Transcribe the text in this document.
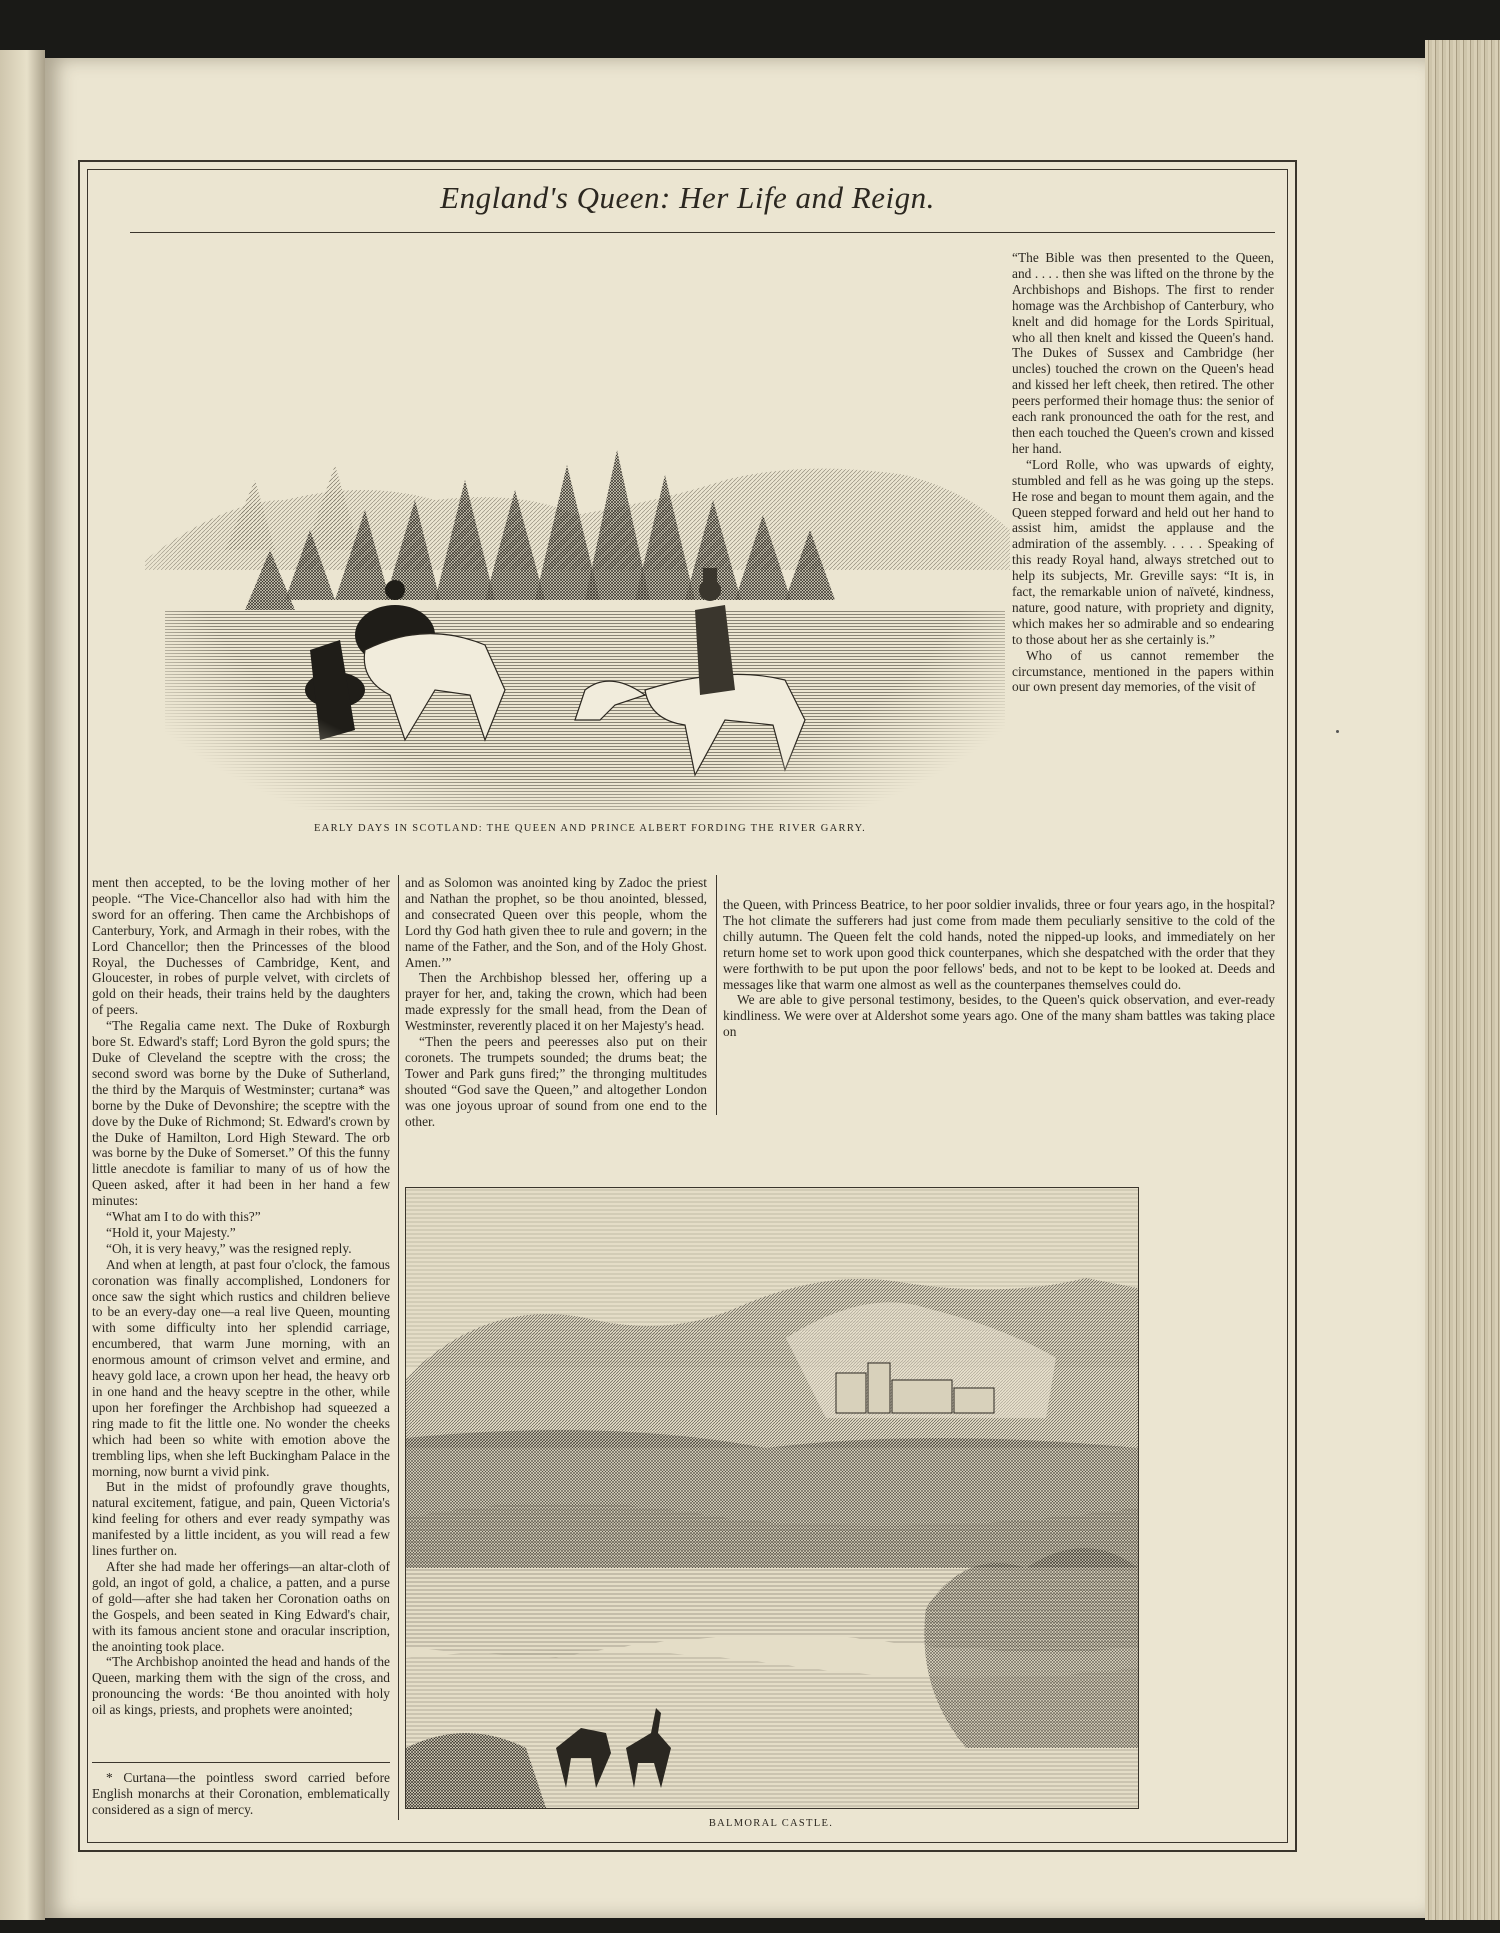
England's Queen: Her Life and Reign.
EARLY DAYS IN SCOTLAND: THE QUEEN AND PRINCE ALBERT FORDING THE RIVER GARRY.

“The Bible was then presented to the Queen, and . . . . then she was lifted on the throne by the Archbishops and Bishops. The first to render homage was the Archbishop of Canterbury, who knelt and did homage for the Lords Spiritual, who all then knelt and kissed the Queen's hand. The Dukes of Sussex and Cambridge (her uncles) touched the crown on the Queen's head and kissed her left cheek, then retired. The other peers performed their homage thus: the senior of each rank pronounced the oath for the rest, and then each touched the Queen's crown and kissed her hand.

“Lord Rolle, who was upwards of eighty, stumbled and fell as he was going up the steps. He rose and began to mount them again, and the Queen stepped forward and held out her hand to assist him, amidst the applause and the admiration of the assembly. . . . . Speaking of this ready Royal hand, always stretched out to help its subjects, Mr. Greville says: “It is, in fact, the remarkable union of naïveté, kindness, nature, good nature, with propriety and dignity, which makes her so admirable and so endearing to those about her as she certainly is.”

Who of us cannot remember the circumstance, mentioned in the papers within our own present day memories, of the visit of

ment then accepted, to be the loving mother of her people. “The Vice-Chancellor also had with him the sword for an offering. Then came the Archbishops of Canterbury, York, and Armagh in their robes, with the Lord Chancellor; then the Princesses of the blood Royal, the Duchesses of Cambridge, Kent, and Gloucester, in robes of purple velvet, with circlets of gold on their heads, their trains held by the daughters of peers.

“The Regalia came next. The Duke of Roxburgh bore St. Edward's staff; Lord Byron the gold spurs; the Duke of Cleveland the sceptre with the cross; the second sword was borne by the Duke of Sutherland, the third by the Marquis of Westminster; curtana* was borne by the Duke of Devonshire; the sceptre with the dove by the Duke of Richmond; St. Edward's crown by the Duke of Hamilton, Lord High Steward. The orb was borne by the Duke of Somerset.” Of this the funny little anecdote is familiar to many of us of how the Queen asked, after it had been in her hand a few minutes:

“What am I to do with this?”

“Hold it, your Majesty.”

“Oh, it is very heavy,” was the resigned reply.

And when at length, at past four o'clock, the famous coronation was finally accomplished, Londoners for once saw the sight which rustics and children believe to be an every-day one—a real live Queen, mounting with some difficulty into her splendid carriage, encumbered, that warm June morning, with an enormous amount of crimson velvet and ermine, and heavy gold lace, a crown upon her head, the heavy orb in one hand and the heavy sceptre in the other, while upon her forefinger the Archbishop had squeezed a ring made to fit the little one. No wonder the cheeks which had been so white with emotion above the trembling lips, when she left Buckingham Palace in the morning, now burnt a vivid pink.

But in the midst of profoundly grave thoughts, natural excitement, fatigue, and pain, Queen Victoria's kind feeling for others and ever ready sympathy was manifested by a little incident, as you will read a few lines further on.

After she had made her offerings—an altar-cloth of gold, an ingot of gold, a chalice, a patten, and a purse of gold—after she had taken her Coronation oaths on the Gospels, and been seated in King Edward's chair, with its famous ancient stone and oracular inscription, the anointing took place.

“The Archbishop anointed the head and hands of the Queen, marking them with the sign of the cross, and pronouncing the words: ‘Be thou anointed with holy oil as kings, priests, and prophets were anointed;

* Curtana—the pointless sword carried before English monarchs at their Coronation, emblematically considered as a sign of mercy.

and as Solomon was anointed king by Zadoc the priest and Nathan the prophet, so be thou anointed, blessed, and consecrated Queen over this people, whom the Lord thy God hath given thee to rule and govern; in the name of the Father, and the Son, and of the Holy Ghost. Amen.’”

Then the Archbishop blessed her, offering up a prayer for her, and, taking the crown, which had been made expressly for the small head, from the Dean of Westminster, reverently placed it on her Majesty's head.

“Then the peers and peeresses also put on their coronets. The trumpets sounded; the drums beat; the Tower and Park guns fired;” the thronging multitudes shouted “God save the Queen,” and altogether London was one joyous uproar of sound from one end to the other.

the Queen, with Princess Beatrice, to her poor soldier invalids, three or four years ago, in the hospital? The hot climate the sufferers had just come from made them peculiarly sensitive to the cold of the chilly autumn. The Queen felt the cold hands, noted the nipped-up looks, and immediately on her return home set to work upon good thick counterpanes, which she despatched with the order that they were forthwith to be put upon the poor fellows' beds, and not to be kept to be looked at. Deeds and messages like that warm one almost as well as the counterpanes themselves could do.

We are able to give personal testimony, besides, to the Queen's quick observation, and ever-ready kindliness. We were over at Aldershot some years ago. One of the many sham battles was taking place on

BALMORAL CASTLE.
